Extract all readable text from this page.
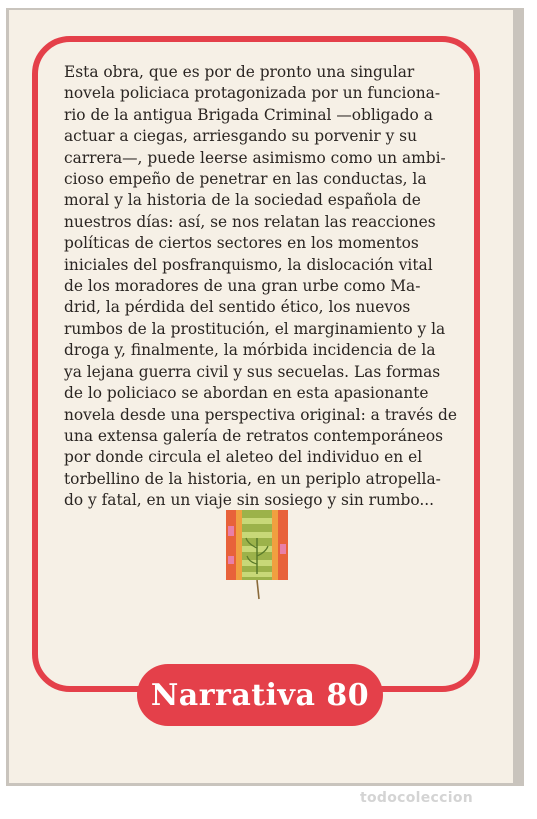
Esta obra, que es por de pronto una singular
novela policiaca protagonizada por un funciona-
rio de la antigua Brigada Criminal —obligado a
actuar a ciegas, arriesgando su porvenir y su
carrera—, puede leerse asimismo como un ambi-
cioso empeño de penetrar en las conductas, la
moral y la historia de la sociedad española de
nuestros días: así, se nos relatan las reacciones
políticas de ciertos sectores en los momentos
iniciales del posfranquismo, la dislocación vital
de los moradores de una gran urbe como Ma-
drid, la pérdida del sentido ético, los nuevos
rumbos de la prostitución, el marginamiento y la
droga y, finalmente, la mórbida incidencia de la
ya lejana guerra civil y sus secuelas. Las formas
de lo policiaco se abordan en esta apasionante
novela desde una perspectiva original: a través de
una extensa galería de retratos contemporáneos
por donde circula el aleteo del individuo en el
torbellino de la historia, en un periplo atropella-
do y fatal, en un viaje sin sosiego y sin rumbo...

Narrativa 80
todocoleccion
